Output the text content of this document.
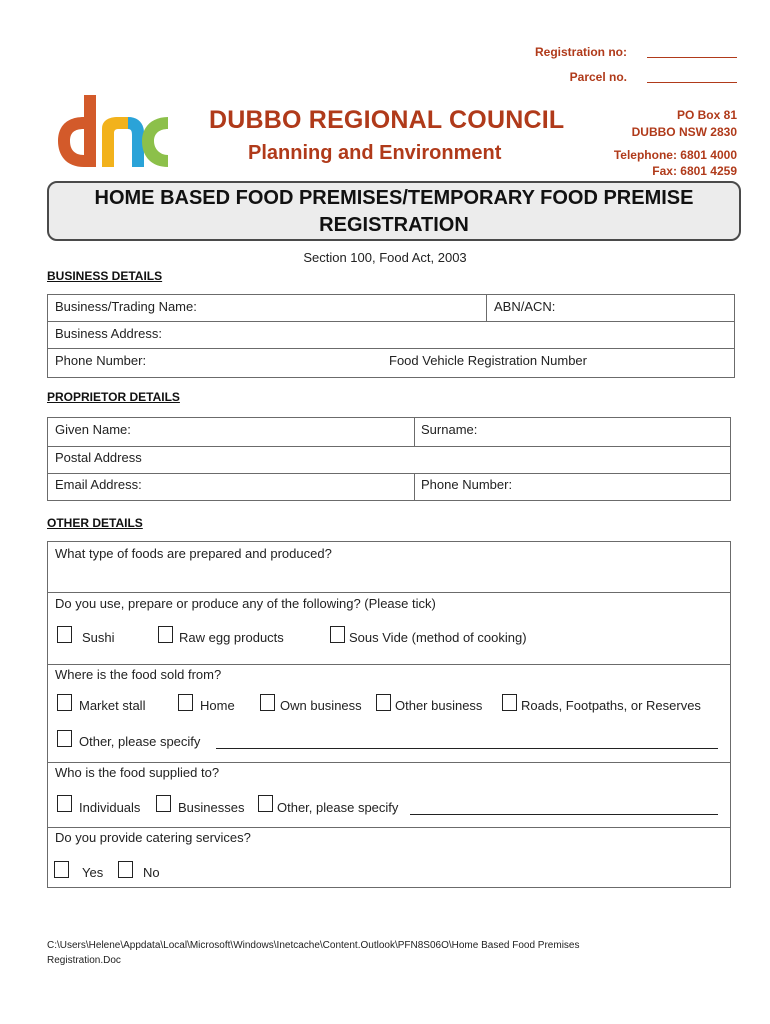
Registration no:
Parcel no.
DUBBO REGIONAL COUNCIL
Planning and Environment
PO Box 81
DUBBO NSW 2830
Telephone: 6801 4000
Fax: 6801 4259
HOME BASED FOOD PREMISES/TEMPORARY FOOD PREMISE
REGISTRATION
Section 100, Food Act, 2003
BUSINESS DETAILS
Business/Trading Name:	ABN/ACN:
Business Address:
Phone Number:	Food Vehicle Registration Number
PROPRIETOR DETAILS
Given Name:	Surname:
Postal Address
Email Address:	Phone Number:
OTHER DETAILS
What type of foods are prepared and produced?
Do you use, prepare or produce any of the following? (Please tick)
Sushi	Raw egg products	Sous Vide (method of cooking)
Where is the food sold from?
Market stall	Home	Own business	Other business	Roads, Footpaths, or Reserves
Other, please specify
Who is the food supplied to?
Individuals	Businesses	Other, please specify
Do you provide catering services?
Yes	No
C:\Users\Helene\Appdata\Local\Microsoft\Windows\Inetcache\Content.Outlook\PFN8S06O\Home Based Food Premises
Registration.Doc
